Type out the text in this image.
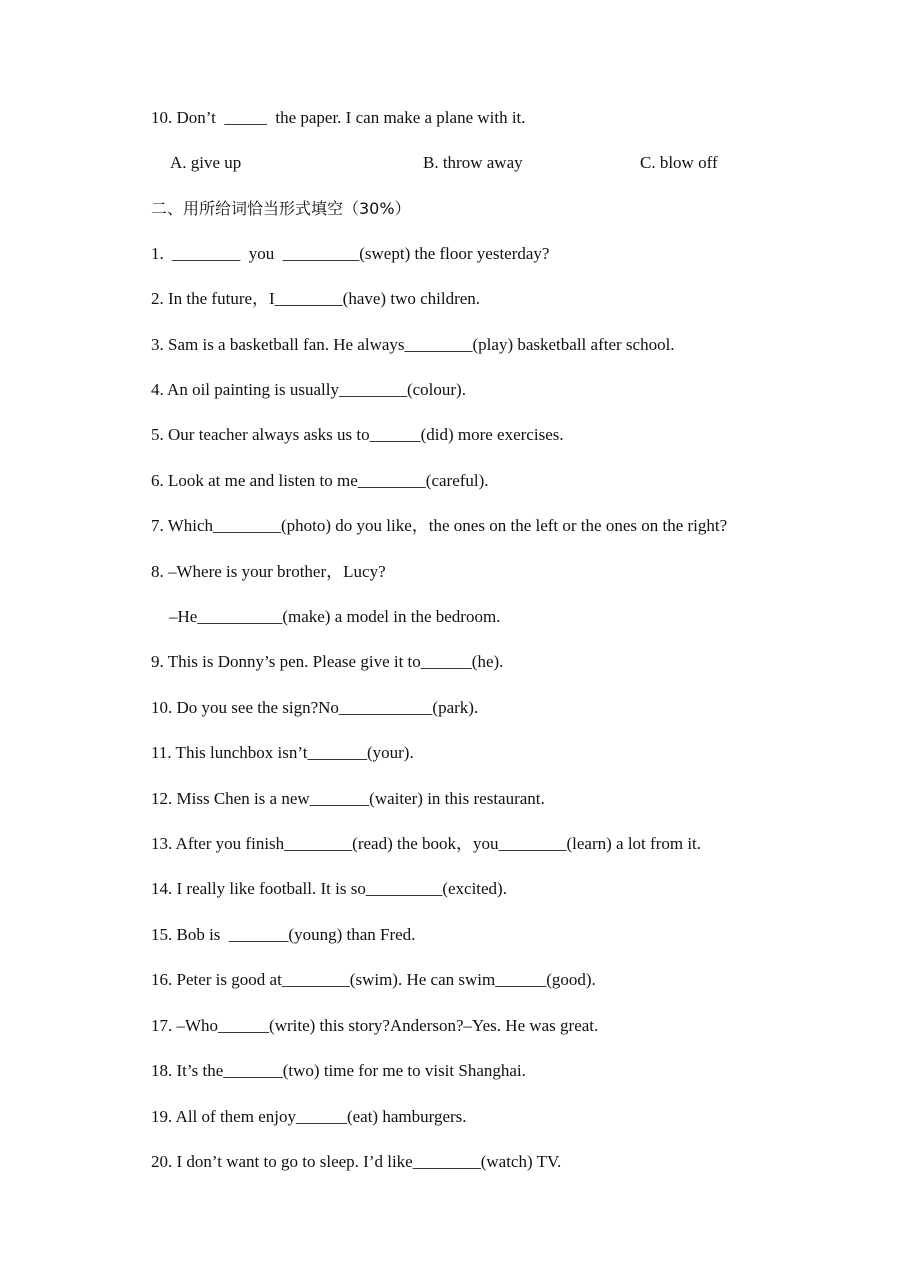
10. Don’t  _____  the paper. I can make a plane with it.
A. give up	B. throw away	C. blow off
二、用所给词恰当形式填空（30%）
1.  ________  you  _________(swept) the floor yesterday?
2. In the future，I________(have) two children.
3. Sam is a basketball fan. He always________(play) basketball after school.
4. An oil painting is usually________(colour).
5. Our teacher always asks us to______(did) more exercises.
6. Look at me and listen to me________(careful).
7. Which________(photo) do you like，the ones on the left or the ones on the right?
8. –Where is your brother，Lucy?
–He__________(make) a model in the bedroom.
9. This is Donny’s pen. Please give it to______(he).
10. Do you see the sign?No___________(park).
11. This lunchbox isn’t_______(your).
12. Miss Chen is a new_______(waiter) in this restaurant.
13. After you finish________(read) the book，you________(learn) a lot from it.
14. I really like football. It is so_________(excited).
15. Bob is  _______(young) than Fred.
16. Peter is good at________(swim). He can swim______(good).
17. –Who______(write) this story?Anderson?–Yes. He was great.
18. It’s the_______(two) time for me to visit Shanghai.
19. All of them enjoy______(eat) hamburgers.
20. I don’t want to go to sleep. I’d like________(watch) TV.
